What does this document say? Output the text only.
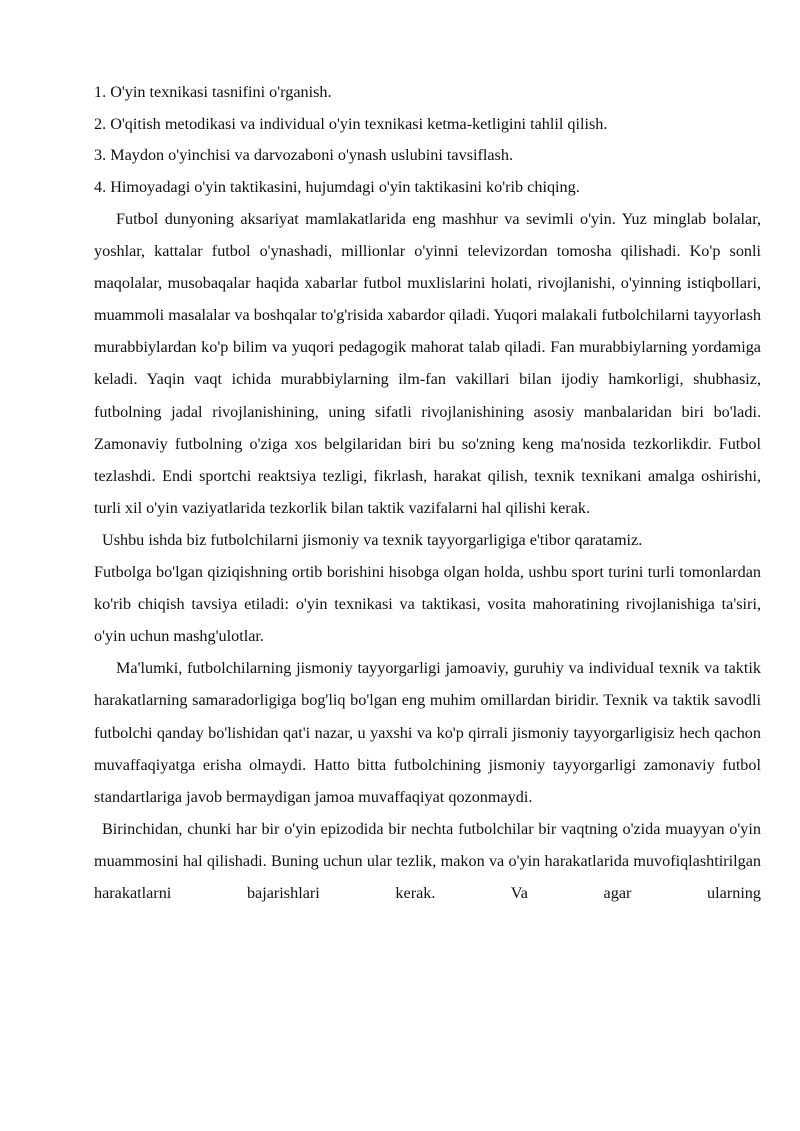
1. O'yin texnikasi tasnifini o'rganish.

2. O'qitish metodikasi va individual o'yin texnikasi ketma-ketligini tahlil qilish.

3. Maydon o'yinchisi va darvozaboni o'ynash uslubini tavsiflash.

4. Himoyadagi o'yin taktikasini, hujumdagi o'yin taktikasini ko'rib chiqing.

Futbol dunyoning aksariyat mamlakatlarida eng mashhur va sevimli o'yin. Yuz minglab bolalar, yoshlar, kattalar futbol o'ynashadi, millionlar o'yinni televizordan tomosha qilishadi. Ko'p sonli maqolalar, musobaqalar haqida xabarlar futbol muxlislarini holati, rivojlanishi, o'yinning istiqbollari, muammoli masalalar va boshqalar to'g'risida xabardor qiladi. Yuqori malakali futbolchilarni tayyorlash murabbiylardan ko'p bilim va yuqori pedagogik mahorat talab qiladi. Fan murabbiylarning yordamiga keladi. Yaqin vaqt ichida murabbiylarning ilm-fan vakillari bilan ijodiy hamkorligi, shubhasiz, futbolning jadal rivojlanishining, uning sifatli rivojlanishining asosiy manbalaridan biri bo'ladi. Zamonaviy futbolning o'ziga xos belgilaridan biri bu so'zning keng ma'nosida tezkorlikdir. Futbol tezlashdi. Endi sportchi reaktsiya tezligi, fikrlash, harakat qilish, texnik texnikani amalga oshirishi, turli xil o'yin vaziyatlarida tezkorlik bilan taktik vazifalarni hal qilishi kerak.

Ushbu ishda biz futbolchilarni jismoniy va texnik tayyorgarligiga e'tibor qaratamiz.

Futbolga bo'lgan qiziqishning ortib borishini hisobga olgan holda, ushbu sport turini turli tomonlardan ko'rib chiqish tavsiya etiladi: o'yin texnikasi va taktikasi, vosita mahoratining rivojlanishiga ta'siri, o'yin uchun mashg'ulotlar.

Ma'lumki, futbolchilarning jismoniy tayyorgarligi jamoaviy, guruhiy va individual texnik va taktik harakatlarning samaradorligiga bog'liq bo'lgan eng muhim omillardan biridir. Texnik va taktik savodli futbolchi qanday bo'lishidan qat'i nazar, u yaxshi va ko'p qirrali jismoniy tayyorgarligisiz hech qachon muvaffaqiyatga erisha olmaydi. Hatto bitta futbolchining jismoniy tayyorgarligi zamonaviy futbol standartlariga javob bermaydigan jamoa muvaffaqiyat qozonmaydi.

Birinchidan, chunki har bir o'yin epizodida bir nechta futbolchilar bir vaqtning o'zida muayyan o'yin muammosini hal qilishadi. Buning uchun ular tezlik, makon va o'yin harakatlarida muvofiqlashtirilgan harakatlarni bajarishlari kerak. Va agar ularning
